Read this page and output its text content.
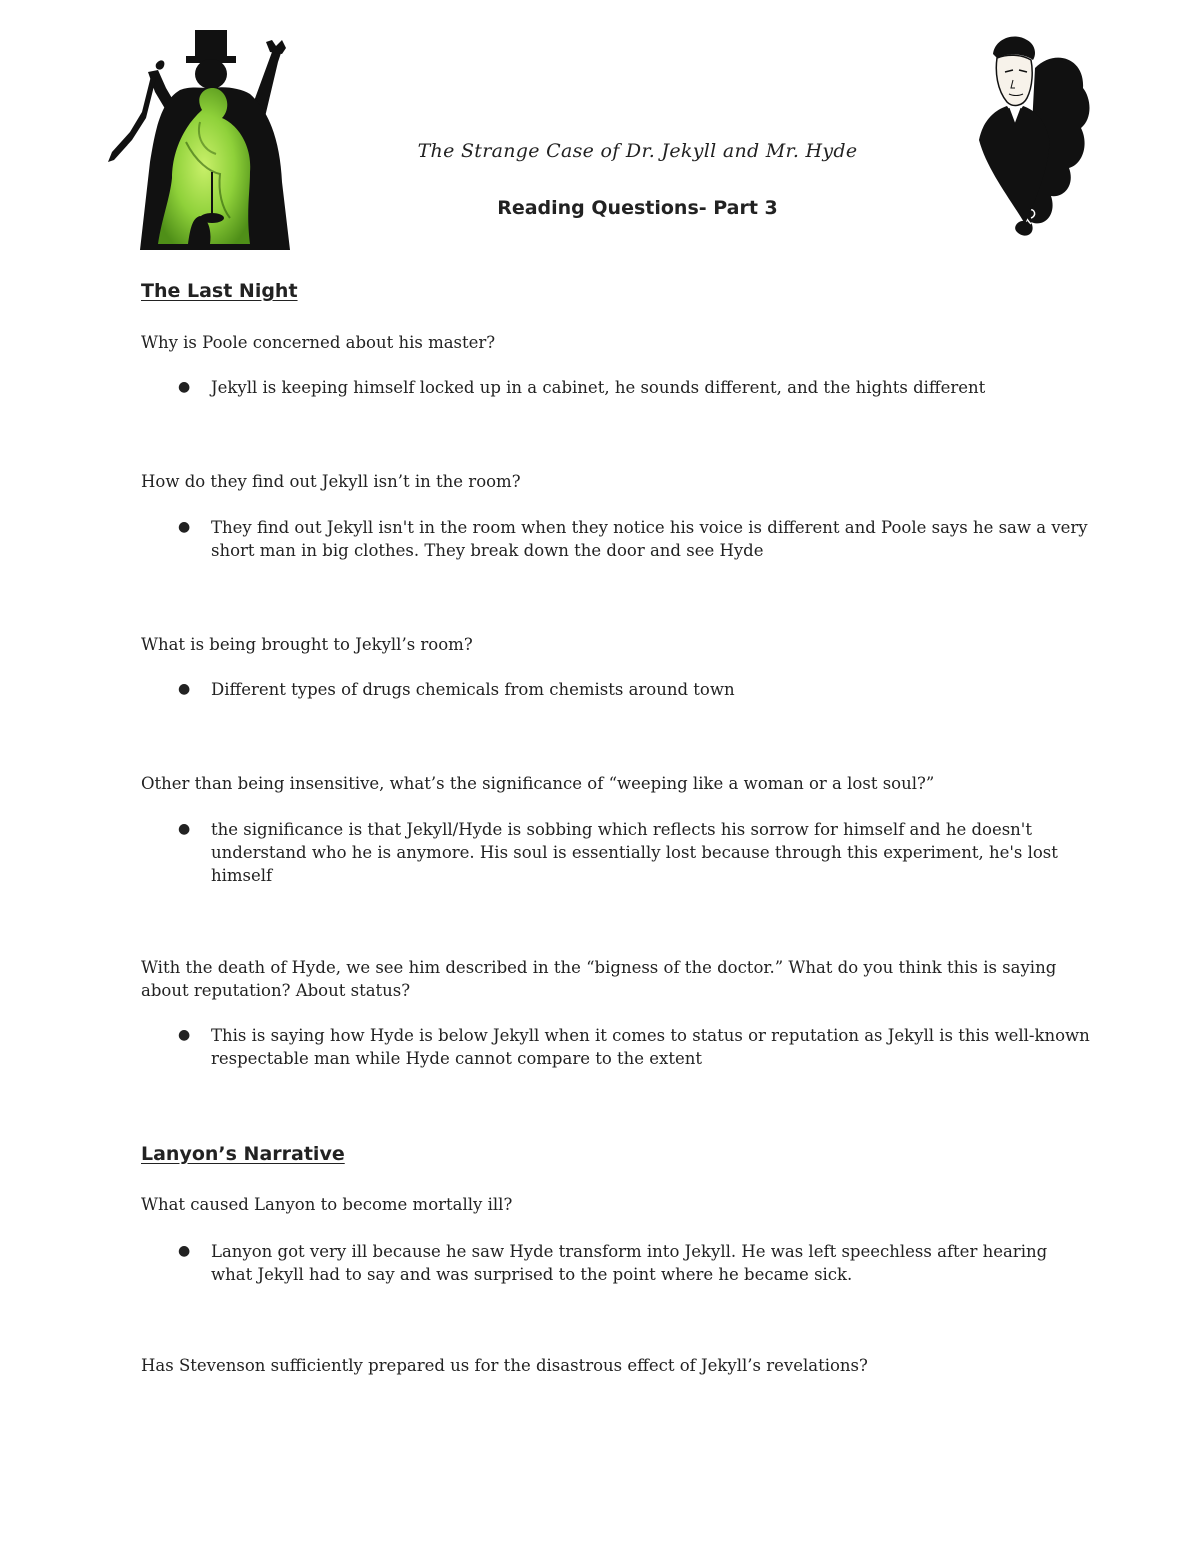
The Strange Case of Dr. Jekyll and Mr. Hyde
Reading Questions- Part 3
The Last Night

Why is Poole concerned about his master?

● Jekyll is keeping himself locked up in a cabinet, he sounds different, and the hights different

How do they find out Jekyll isn’t in the room?

● They find out Jekyll isn't in the room when they notice his voice is different and Poole says he saw a very short man in big clothes. They break down the door and see Hyde

What is being brought to Jekyll’s room?

● Different types of drugs chemicals from chemists around town

Other than being insensitive, what’s the significance of “weeping like a woman or a lost soul?”

● the significance is that Jekyll/Hyde is sobbing which reflects his sorrow for himself and he doesn't understand who he is anymore. His soul is essentially lost because through this experiment, he's lost himself

With the death of Hyde, we see him described in the “bigness of the doctor.” What do you think this is saying about reputation? About status?

● This is saying how Hyde is below Jekyll when it comes to status or reputation as Jekyll is this well-known respectable man while Hyde cannot compare to the extent
Lanyon’s Narrative

What caused Lanyon to become mortally ill?

● Lanyon got very ill because he saw Hyde transform into Jekyll. He was left speechless after hearing what Jekyll had to say and was surprised to the point where he became sick.

Has Stevenson sufficiently prepared us for the disastrous effect of Jekyll’s revelations?
